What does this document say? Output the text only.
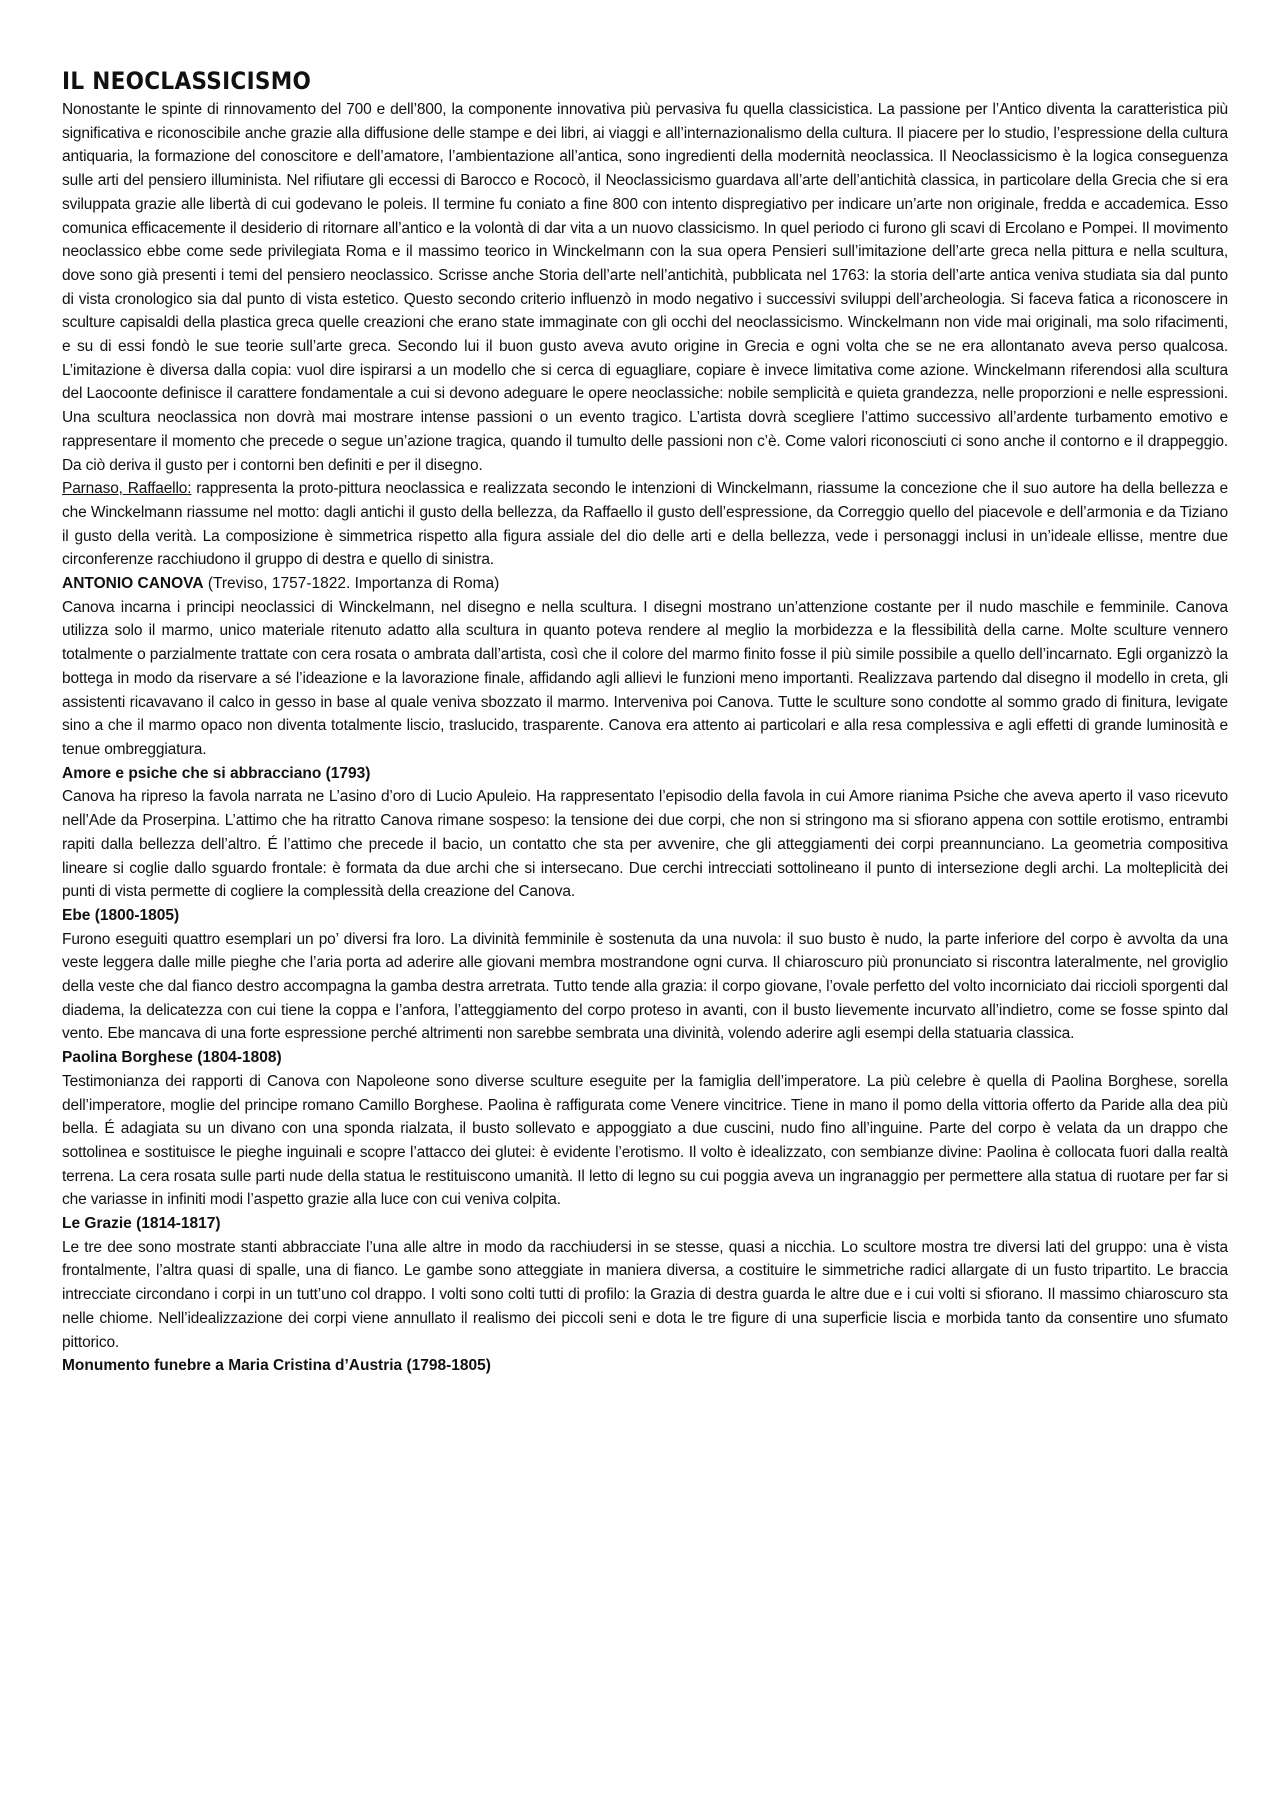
IL NEOCLASSICISMO

Nonostante le spinte di rinnovamento del 700 e dell’800, la componente innovativa più pervasiva fu quella classicistica. La passione per l’Antico diventa la caratteristica più significativa e riconoscibile anche grazie alla diffusione delle stampe e dei libri, ai viaggi e all’internazionalismo della cultura. Il piacere per lo studio, l’espressione della cultura antiquaria, la formazione del conoscitore e dell’amatore, l’ambientazione all’antica, sono ingredienti della modernità neoclassica. Il Neoclassicismo è la logica conseguenza sulle arti del pensiero illuminista. Nel rifiutare gli eccessi di Barocco e Rococò, il Neoclassicismo guardava all’arte dell’antichità classica, in particolare della Grecia che si era sviluppata grazie alle libertà di cui godevano le poleis. Il termine fu coniato a fine 800 con intento dispregiativo per indicare un’arte non originale, fredda e accademica. Esso comunica efficacemente il desiderio di ritornare all’antico e la volontà di dar vita a un nuovo classicismo. In quel periodo ci furono gli scavi di Ercolano e Pompei. Il movimento neoclassico ebbe come sede privilegiata Roma e il massimo teorico in Winckelmann con la sua opera Pensieri sull’imitazione dell’arte greca nella pittura e nella scultura, dove sono già presenti i temi del pensiero neoclassico. Scrisse anche Storia dell’arte nell’antichità, pubblicata nel 1763: la storia dell’arte antica veniva studiata sia dal punto di vista cronologico sia dal punto di vista estetico. Questo secondo criterio influenzò in modo negativo i successivi sviluppi dell’archeologia. Si faceva fatica a riconoscere in sculture capisaldi della plastica greca quelle creazioni che erano state immaginate con gli occhi del neoclassicismo. Winckelmann non vide mai originali, ma solo rifacimenti, e su di essi fondò le sue teorie sull’arte greca. Secondo lui il buon gusto aveva avuto origine in Grecia e ogni volta che se ne era allontanato aveva perso qualcosa. L’imitazione è diversa dalla copia: vuol dire ispirarsi a un modello che si cerca di eguagliare, copiare è invece limitativa come azione. Winckelmann riferendosi alla scultura del Laocoonte definisce il carattere fondamentale a cui si devono adeguare le opere neoclassiche: nobile semplicità e quieta grandezza, nelle proporzioni e nelle espressioni. Una scultura neoclassica non dovrà mai mostrare intense passioni o un evento tragico. L’artista dovrà scegliere l’attimo successivo all’ardente turbamento emotivo e rappresentare il momento che precede o segue un’azione tragica, quando il tumulto delle passioni non c’è. Come valori riconosciuti ci sono anche il contorno e il drappeggio. Da ciò deriva il gusto per i contorni ben definiti e per il disegno.

Parnaso, Raffaello: rappresenta la proto-pittura neoclassica e realizzata secondo le intenzioni di Winckelmann, riassume la concezione che il suo autore ha della bellezza e che Winckelmann riassume nel motto: dagli antichi il gusto della bellezza, da Raffaello il gusto dell’espressione, da Correggio quello del piacevole e dell’armonia e da Tiziano il gusto della verità. La composizione è simmetrica rispetto alla figura assiale del dio delle arti e della bellezza, vede i personaggi inclusi in un’ideale ellisse, mentre due circonferenze racchiudono il gruppo di destra e quello di sinistra.

ANTONIO CANOVA (Treviso, 1757-1822. Importanza di Roma)

Canova incarna i principi neoclassici di Winckelmann, nel disegno e nella scultura. I disegni mostrano un’attenzione costante per il nudo maschile e femminile. Canova utilizza solo il marmo, unico materiale ritenuto adatto alla scultura in quanto poteva rendere al meglio la morbidezza e la flessibilità della carne. Molte sculture vennero totalmente o parzialmente trattate con cera rosata o ambrata dall’artista, così che il colore del marmo finito fosse il più simile possibile a quello dell’incarnato. Egli organizzò la bottega in modo da riservare a sé l’ideazione e la lavorazione finale, affidando agli allievi le funzioni meno importanti. Realizzava partendo dal disegno il modello in creta, gli assistenti ricavavano il calco in gesso in base al quale veniva sbozzato il marmo. Interveniva poi Canova. Tutte le sculture sono condotte al sommo grado di finitura, levigate sino a che il marmo opaco non diventa totalmente liscio, traslucido, trasparente. Canova era attento ai particolari e alla resa complessiva e agli effetti di grande luminosità e tenue ombreggiatura.

Amore e psiche che si abbracciano (1793)

Canova ha ripreso la favola narrata ne L’asino d’oro di Lucio Apuleio. Ha rappresentato l’episodio della favola in cui Amore rianima Psiche che aveva aperto il vaso ricevuto nell’Ade da Proserpina. L’attimo che ha ritratto Canova rimane sospeso: la tensione dei due corpi, che non si stringono ma si sfiorano appena con sottile erotismo, entrambi rapiti dalla bellezza dell’altro. É l’attimo che precede il bacio, un contatto che sta per avvenire, che gli atteggiamenti dei corpi preannunciano. La geometria compositiva lineare si coglie dallo sguardo frontale: è formata da due archi che si intersecano. Due cerchi intrecciati sottolineano il punto di intersezione degli archi. La molteplicità dei punti di vista permette di cogliere la complessità della creazione del Canova.

Ebe (1800-1805)

Furono eseguiti quattro esemplari un po’ diversi fra loro. La divinità femminile è sostenuta da una nuvola: il suo busto è nudo, la parte inferiore del corpo è avvolta da una veste leggera dalle mille pieghe che l’aria porta ad aderire alle giovani membra mostrandone ogni curva. Il chiaroscuro più pronunciato si riscontra lateralmente, nel groviglio della veste che dal fianco destro accompagna la gamba destra arretrata. Tutto tende alla grazia: il corpo giovane, l’ovale perfetto del volto incorniciato dai riccioli sporgenti dal diadema, la delicatezza con cui tiene la coppa e l’anfora, l’atteggiamento del corpo proteso in avanti, con il busto lievemente incurvato all’indietro, come se fosse spinto dal vento. Ebe mancava di una forte espressione perché altrimenti non sarebbe sembrata una divinità, volendo aderire agli esempi della statuaria classica.

Paolina Borghese (1804-1808)

Testimonianza dei rapporti di Canova con Napoleone sono diverse sculture eseguite per la famiglia dell’imperatore. La più celebre è quella di Paolina Borghese, sorella dell’imperatore, moglie del principe romano Camillo Borghese. Paolina è raffigurata come Venere vincitrice. Tiene in mano il pomo della vittoria offerto da Paride alla dea più bella. É adagiata su un divano con una sponda rialzata, il busto sollevato e appoggiato a due cuscini, nudo fino all’inguine. Parte del corpo è velata da un drappo che sottolinea e sostituisce le pieghe inguinali e scopre l’attacco dei glutei: è evidente l’erotismo. Il volto è idealizzato, con sembianze divine: Paolina è collocata fuori dalla realtà terrena. La cera rosata sulle parti nude della statua le restituiscono umanità. Il letto di legno su cui poggia aveva un ingranaggio per permettere alla statua di ruotare per far si che variasse in infiniti modi l’aspetto grazie alla luce con cui veniva colpita.

Le Grazie (1814-1817)

Le tre dee sono mostrate stanti abbracciate l’una alle altre in modo da racchiudersi in se stesse, quasi a nicchia. Lo scultore mostra tre diversi lati del gruppo: una è vista frontalmente, l’altra quasi di spalle, una di fianco. Le gambe sono atteggiate in maniera diversa, a costituire le simmetriche radici allargate di un fusto tripartito. Le braccia intrecciate circondano i corpi in un tutt’uno col drappo. I volti sono colti tutti di profilo: la Grazia di destra guarda le altre due e i cui volti si sfiorano. Il massimo chiaroscuro sta nelle chiome. Nell’idealizzazione dei corpi viene annullato il realismo dei piccoli seni e dota le tre figure di una superficie liscia e morbida tanto da consentire uno sfumato pittorico.

Monumento funebre a Maria Cristina d’Austria (1798-1805)
